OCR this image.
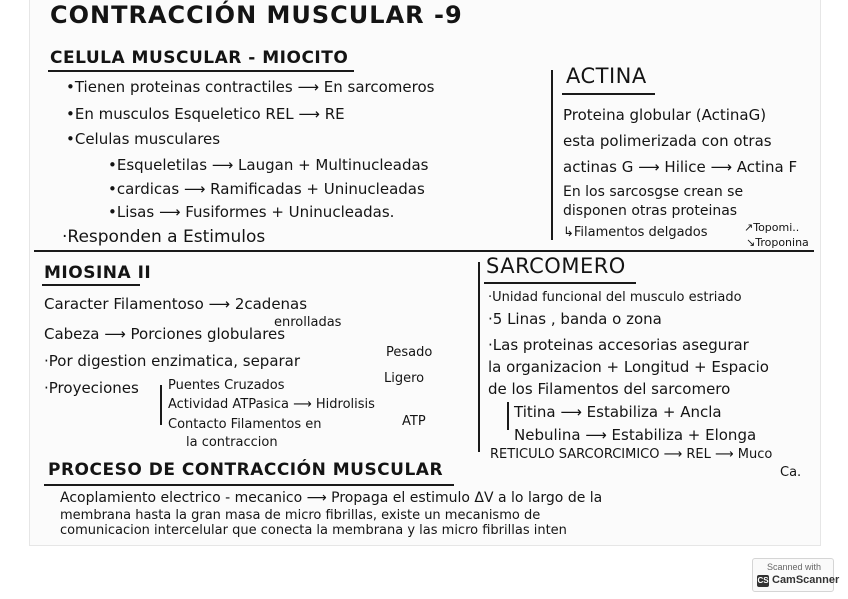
CONTRACCIÓN MUSCULAR -9
CELULA MUSCULAR - MIOCITO
•Tienen proteinas contractiles ⟶ En sarcomeros
•En musculos Esqueletico REL ⟶ RE
•Celulas musculares
•Esqueletilas ⟶ Laugan + Multinucleadas
•cardicas ⟶ Ramificadas + Uninucleadas
•Lisas ⟶ Fusiformes + Uninucleadas.
·Responden a Estimulos
ACTINA
Proteina globular (ActinaG)
esta polimerizada con otras
actinas G ⟶ Hilice ⟶ Actina F
En los sarcosgse crean se
disponen otras proteinas
↳Filamentos delgados	↗Topomi..
↘Troponina
MIOSINA II
Caracter Filamentoso ⟶ 2cadenas
enrolladas
Cabeza ⟶ Porciones globulares
·Por digestion enzimatica, separar	Pesado
Ligero
·Proyeciones Puentes Cruzados
Actividad ATPasica ⟶ Hidrolisis
ATP
Contacto Filamentos en
la contraccion
SARCOMERO
·Unidad funcional del musculo estriado
·5 Linas , banda o zona
·Las proteinas accesorias asegurar
la organizacion + Longitud + Espacio
de los Filamentos del sarcomero
Titina ⟶ Estabiliza + Ancla
Nebulina ⟶ Estabiliza + Elonga
RETICULO SARCORCIMICO ⟶ REL ⟶ Muco
Ca.
PROCESO DE CONTRACCIÓN MUSCULAR
Acoplamiento electrico - mecanico ⟶ Propaga el estimulo ΔV a lo largo de la
membrana hasta la gran masa de micro fibrillas, existe un mecanismo de
comunicacion intercelular que conecta la membrana y las micro fibrillas inten
Scanned with
CS CamScanner
